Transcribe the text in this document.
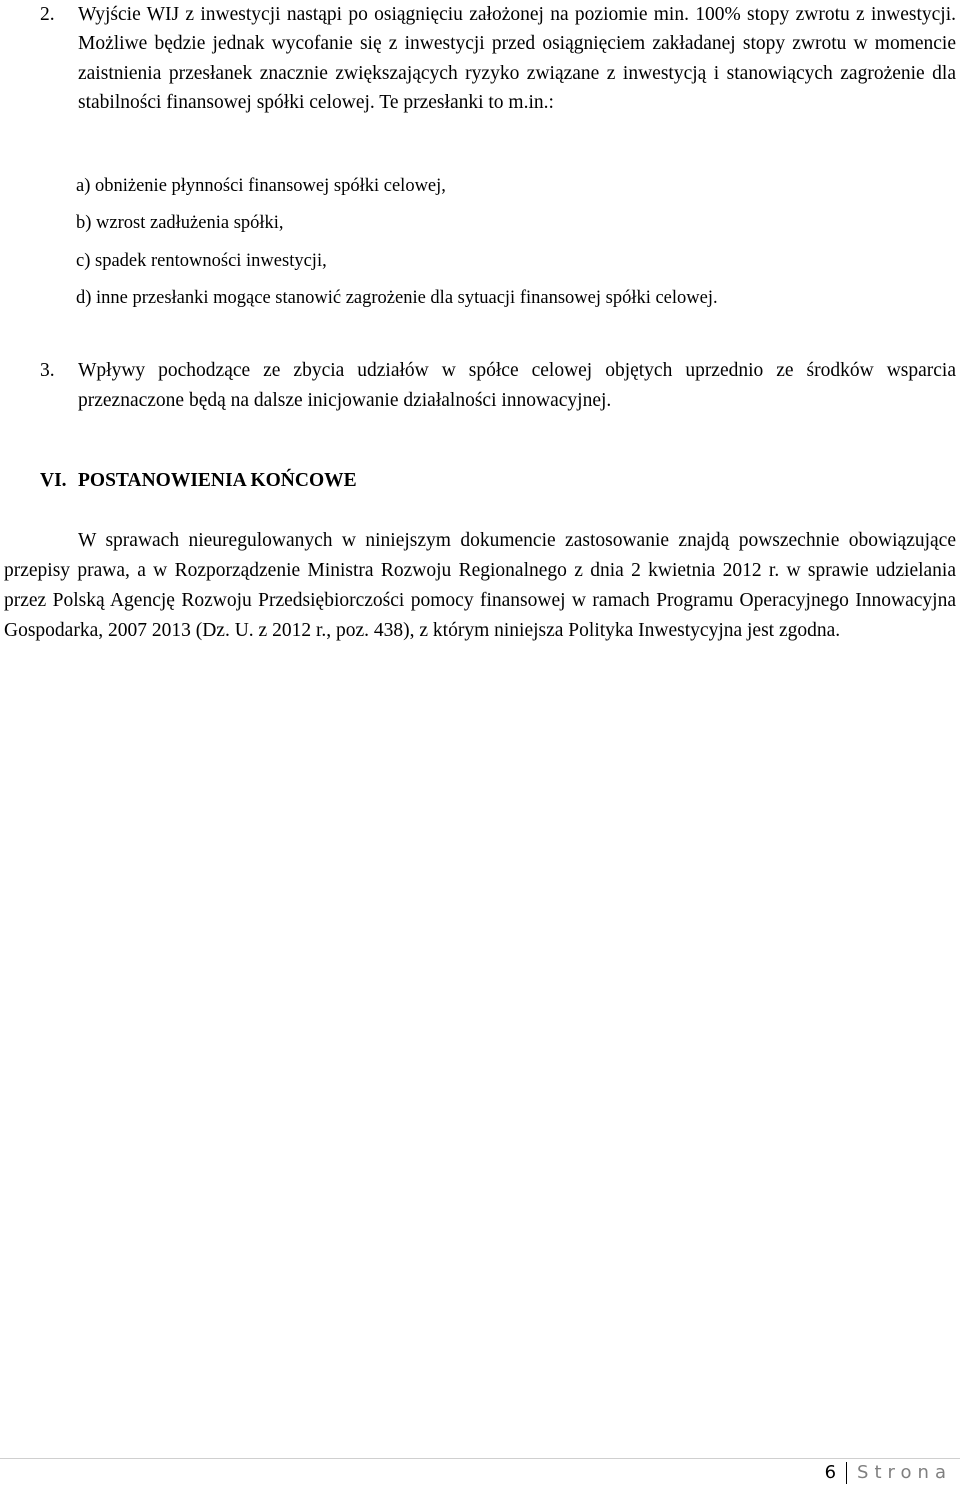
2.	Wyjście WIJ z inwestycji nastąpi po osiągnięciu założonej na poziomie min. 100% stopy zwrotu z inwestycji. Możliwe będzie jednak wycofanie się z inwestycji przed osiągnięciem zakładanej stopy zwrotu w momencie zaistnienia przesłanek znacznie zwiększających ryzyko związane z inwestycją i stanowiących zagrożenie dla stabilności finansowej spółki celowej. Te przesłanki to m.in.:
a) obniżenie płynności finansowej spółki celowej,
b) wzrost zadłużenia spółki,
c) spadek rentowności inwestycji,
d) inne przesłanki mogące stanowić zagrożenie dla sytuacji finansowej spółki celowej.
3.	Wpływy pochodzące ze zbycia udziałów w spółce celowej objętych uprzednio ze środków wsparcia przeznaczone będą na dalsze inicjowanie działalności innowacyjnej.
VI. POSTANOWIENIA KOŃCOWE
W sprawach nieuregulowanych w niniejszym dokumencie zastosowanie znajdą powszechnie obowiązujące przepisy prawa, a w Rozporządzenie Ministra Rozwoju Regionalnego z dnia 2 kwietnia 2012 r. w sprawie udzielania przez Polską Agencję Rozwoju Przedsiębiorczości pomocy finansowej w ramach Programu Operacyjnego Innowacyjna Gospodarka, 2007 2013 (Dz. U. z 2012 r., poz. 438), z którym niniejsza Polityka Inwestycyjna jest zgodna.
6 Strona
